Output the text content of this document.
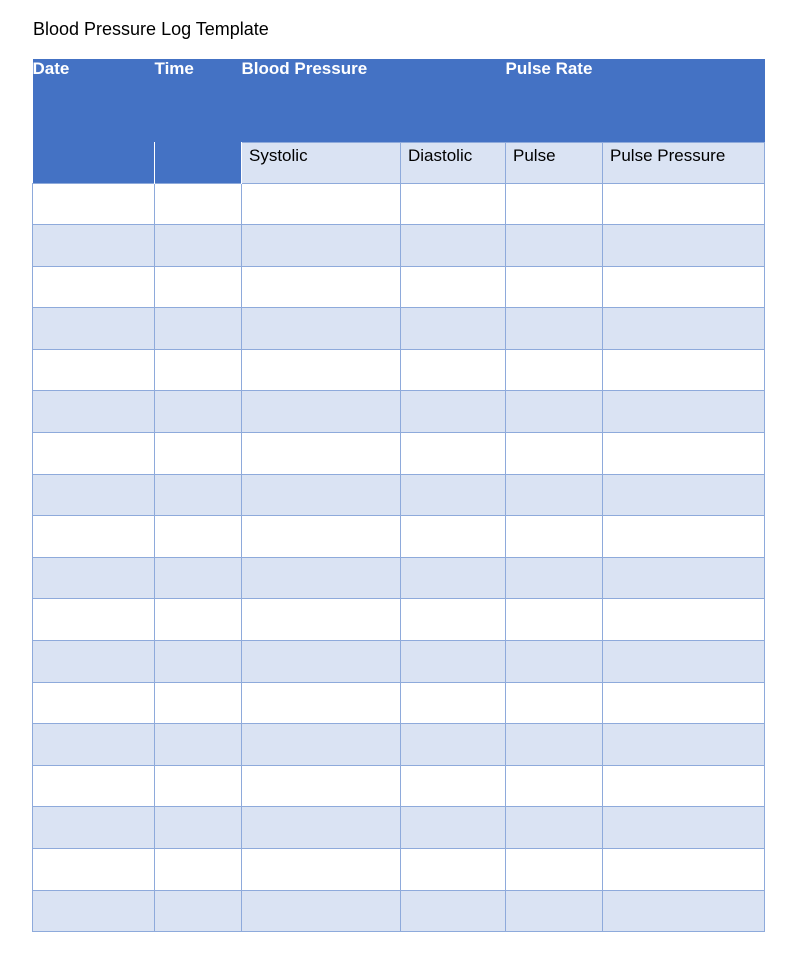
Blood Pressure Log Template
Date	Time	Blood Pressure		Pulse Rate	
		Systolic	Diastolic	Pulse	Pulse Pressure
